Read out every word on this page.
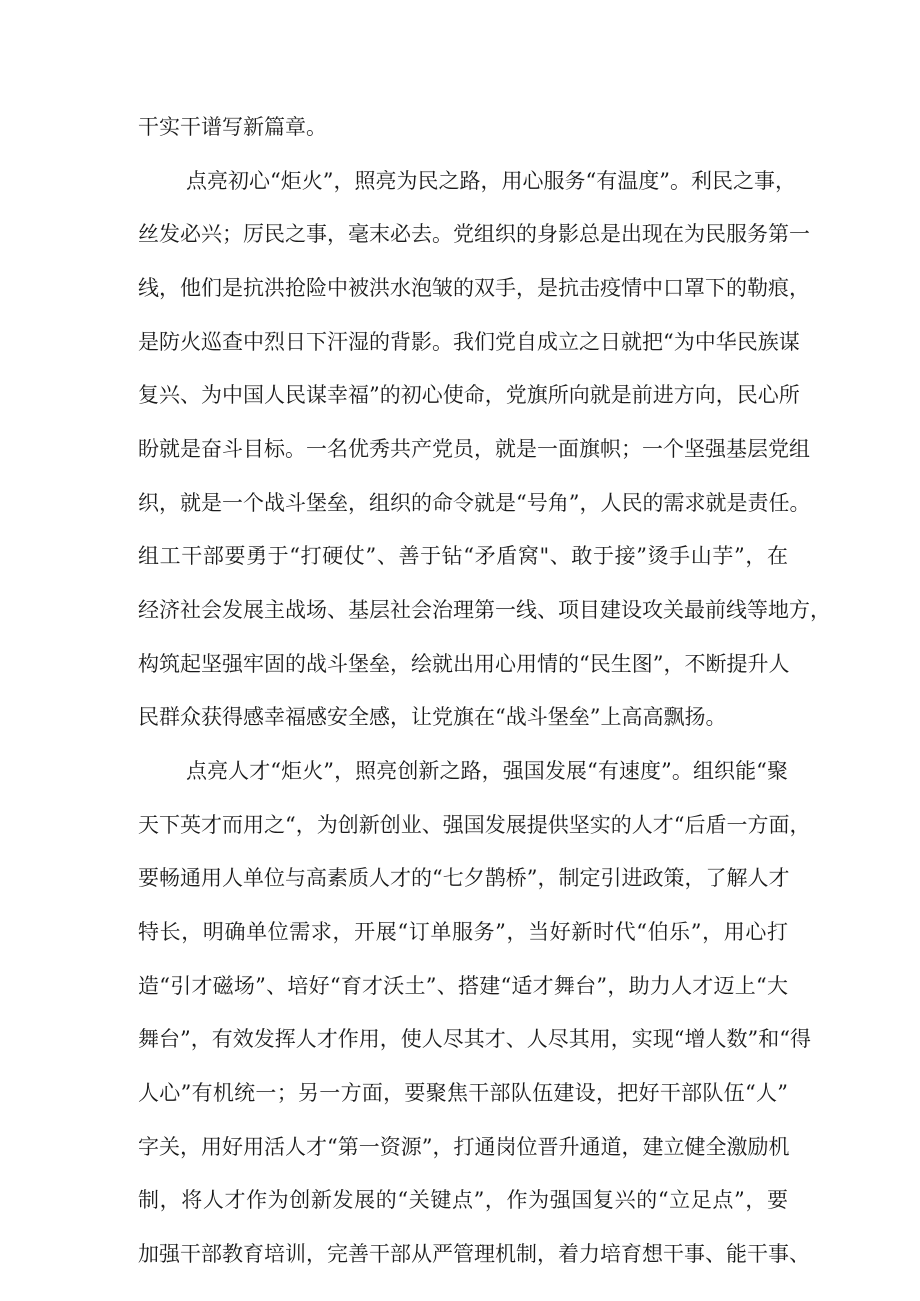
干实干谱写新篇章。
点亮初心“炬火”，照亮为民之路，用心服务“有温度”。利民之事，
丝发必兴；厉民之事，毫末必去。党组织的身影总是出现在为民服务第一
线，他们是抗洪抢险中被洪水泡皱的双手，是抗击疫情中口罩下的勒痕，
是防火巡查中烈日下汗湿的背影。我们党自成立之日就把“为中华民族谋
复兴、为中国人民谋幸福”的初心使命，党旗所向就是前进方向，民心所
盼就是奋斗目标。一名优秀共产党员，就是一面旗帜；一个坚强基层党组
织，就是一个战斗堡垒，组织的命令就是“号角”，人民的需求就是责任。
组工干部要勇于“打硬仗”、善于钻“矛盾窝"、敢于接”烫手山芋”，在
经济社会发展主战场、基层社会治理第一线、项目建设攻关最前线等地方，
构筑起坚强牢固的战斗堡垒，绘就出用心用情的“民生图”，不断提升人
民群众获得感幸福感安全感，让党旗在“战斗堡垒”上高高飘扬。
点亮人才“炬火”，照亮创新之路，强国发展“有速度”。组织能“聚
天下英才而用之“，为创新创业、强国发展提供坚实的人才“后盾一方面，
要畅通用人单位与高素质人才的“七夕鹊桥”，制定引进政策，了解人才
特长，明确单位需求，开展“订单服务”，当好新时代“伯乐”，用心打
造“引才磁场”、培好“育才沃土”、搭建“适才舞台”，助力人才迈上“大
舞台”，有效发挥人才作用，使人尽其才、人尽其用，实现“增人数”和“得
人心”有机统一；另一方面，要聚焦干部队伍建设，把好干部队伍“人”
字关，用好用活人才“第一资源”，打通岗位晋升通道，建立健全激励机
制，将人才作为创新发展的“关键点”，作为强国复兴的“立足点”，要
加强干部教育培训，完善干部从严管理机制，着力培育想干事、能干事、
